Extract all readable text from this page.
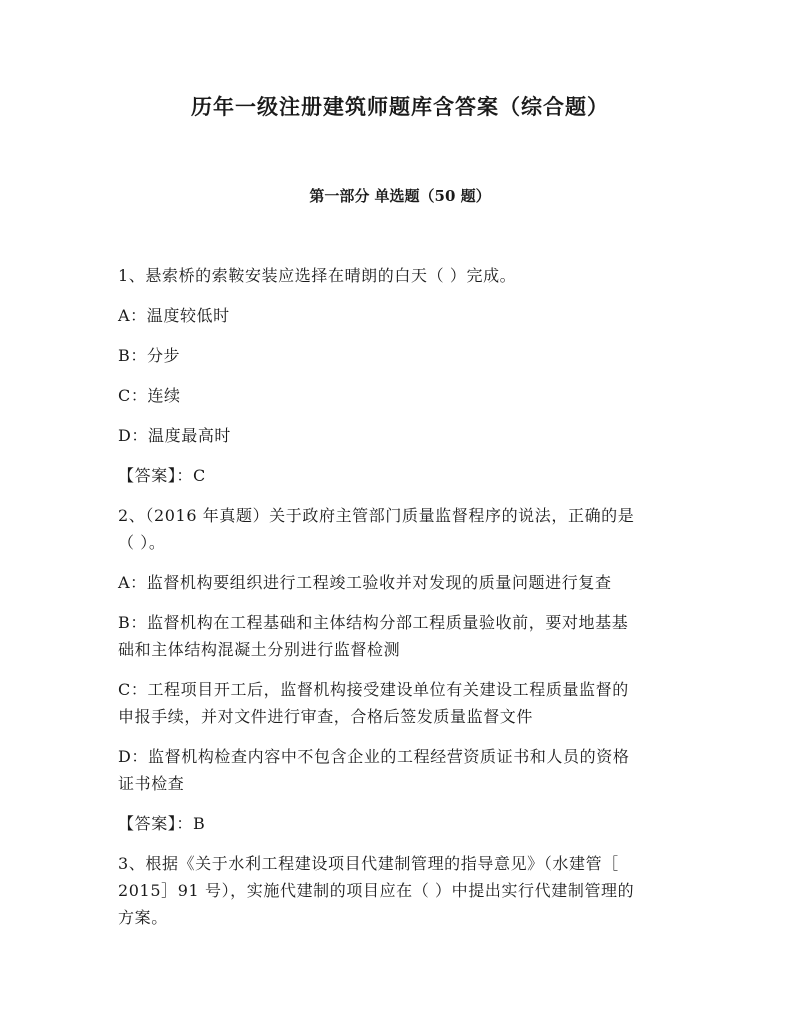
历年一级注册建筑师题库含答案（综合题）
第一部分 单选题（50 题）

1、悬索桥的索鞍安装应选择在晴朗的白天（ ）完成。

A：温度较低时

B：分步

C：连续

D：温度最高时

【答案】：C

2、（2016 年真题）关于政府主管部门质量监督程序的说法，正确的是

（ ）。

A：监督机构要组织进行工程竣工验收并对发现的质量问题进行复查

B：监督机构在工程基础和主体结构分部工程质量验收前，要对地基基

础和主体结构混凝土分别进行监督检测

C：工程项目开工后，监督机构接受建设单位有关建设工程质量监督的

申报手续，并对文件进行审查，合格后签发质量监督文件

D：监督机构检查内容中不包含企业的工程经营资质证书和人员的资格

证书检查

【答案】：B

3、根据《关于水利工程建设项目代建制管理的指导意见》（水建管［

2015］91 号），实施代建制的项目应在（ ）中提出实行代建制管理的

方案。
